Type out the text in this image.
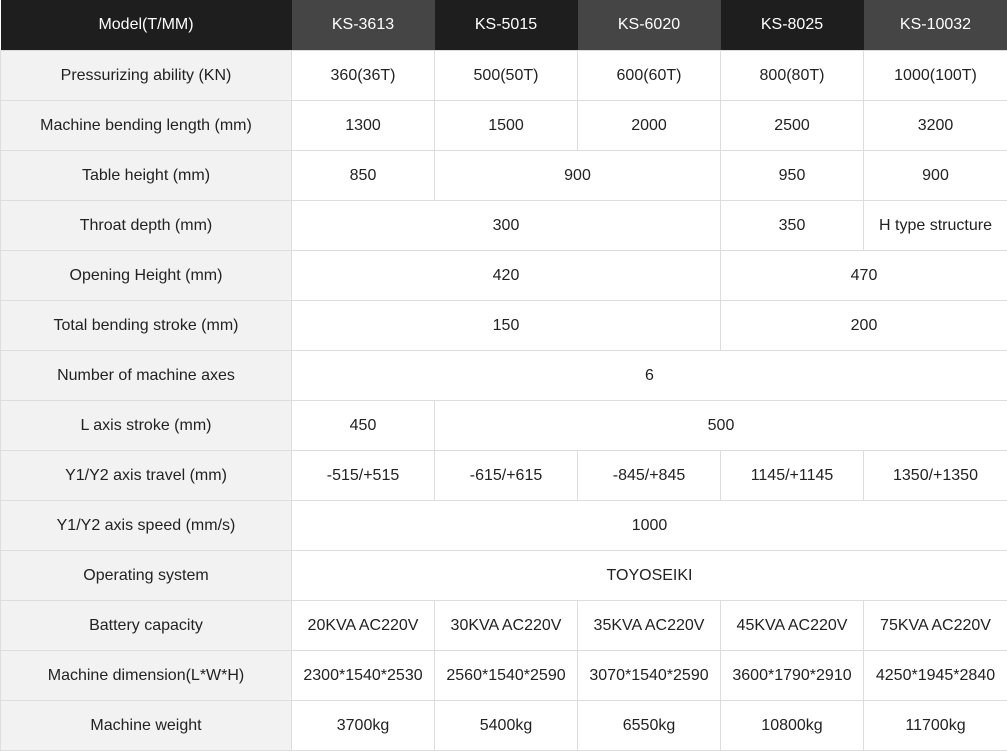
Model(T/MM)	KS-3613	KS-5015	KS-6020	KS-8025	KS-10032
Pressurizing ability (KN)	360(36T)	500(50T)	600(60T)	800(80T)	1000(100T)
Machine bending length (mm)	1300	1500	2000	2500	3200
Table height (mm)	850	900		950	900
Throat depth (mm)	300			350	H type structure
Opening Height (mm)	420			470	
Total bending stroke (mm)	150			200	
Number of machine axes	6				
L axis stroke (mm)	450	500			
Y1/Y2 axis travel (mm)	-515/+515	-615/+615	-845/+845	1145/+1145	1350/+1350
Y1/Y2 axis speed (mm/s)	1000				
Operating system	TOYOSEIKI				
Battery capacity	20KVA AC220V	30KVA AC220V	35KVA AC220V	45KVA AC220V	75KVA AC220V
Machine dimension(L*W*H)	2300*1540*2530	2560*1540*2590	3070*1540*2590	3600*1790*2910	4250*1945*2840
Machine weight	3700kg	5400kg	6550kg	10800kg	11700kg
